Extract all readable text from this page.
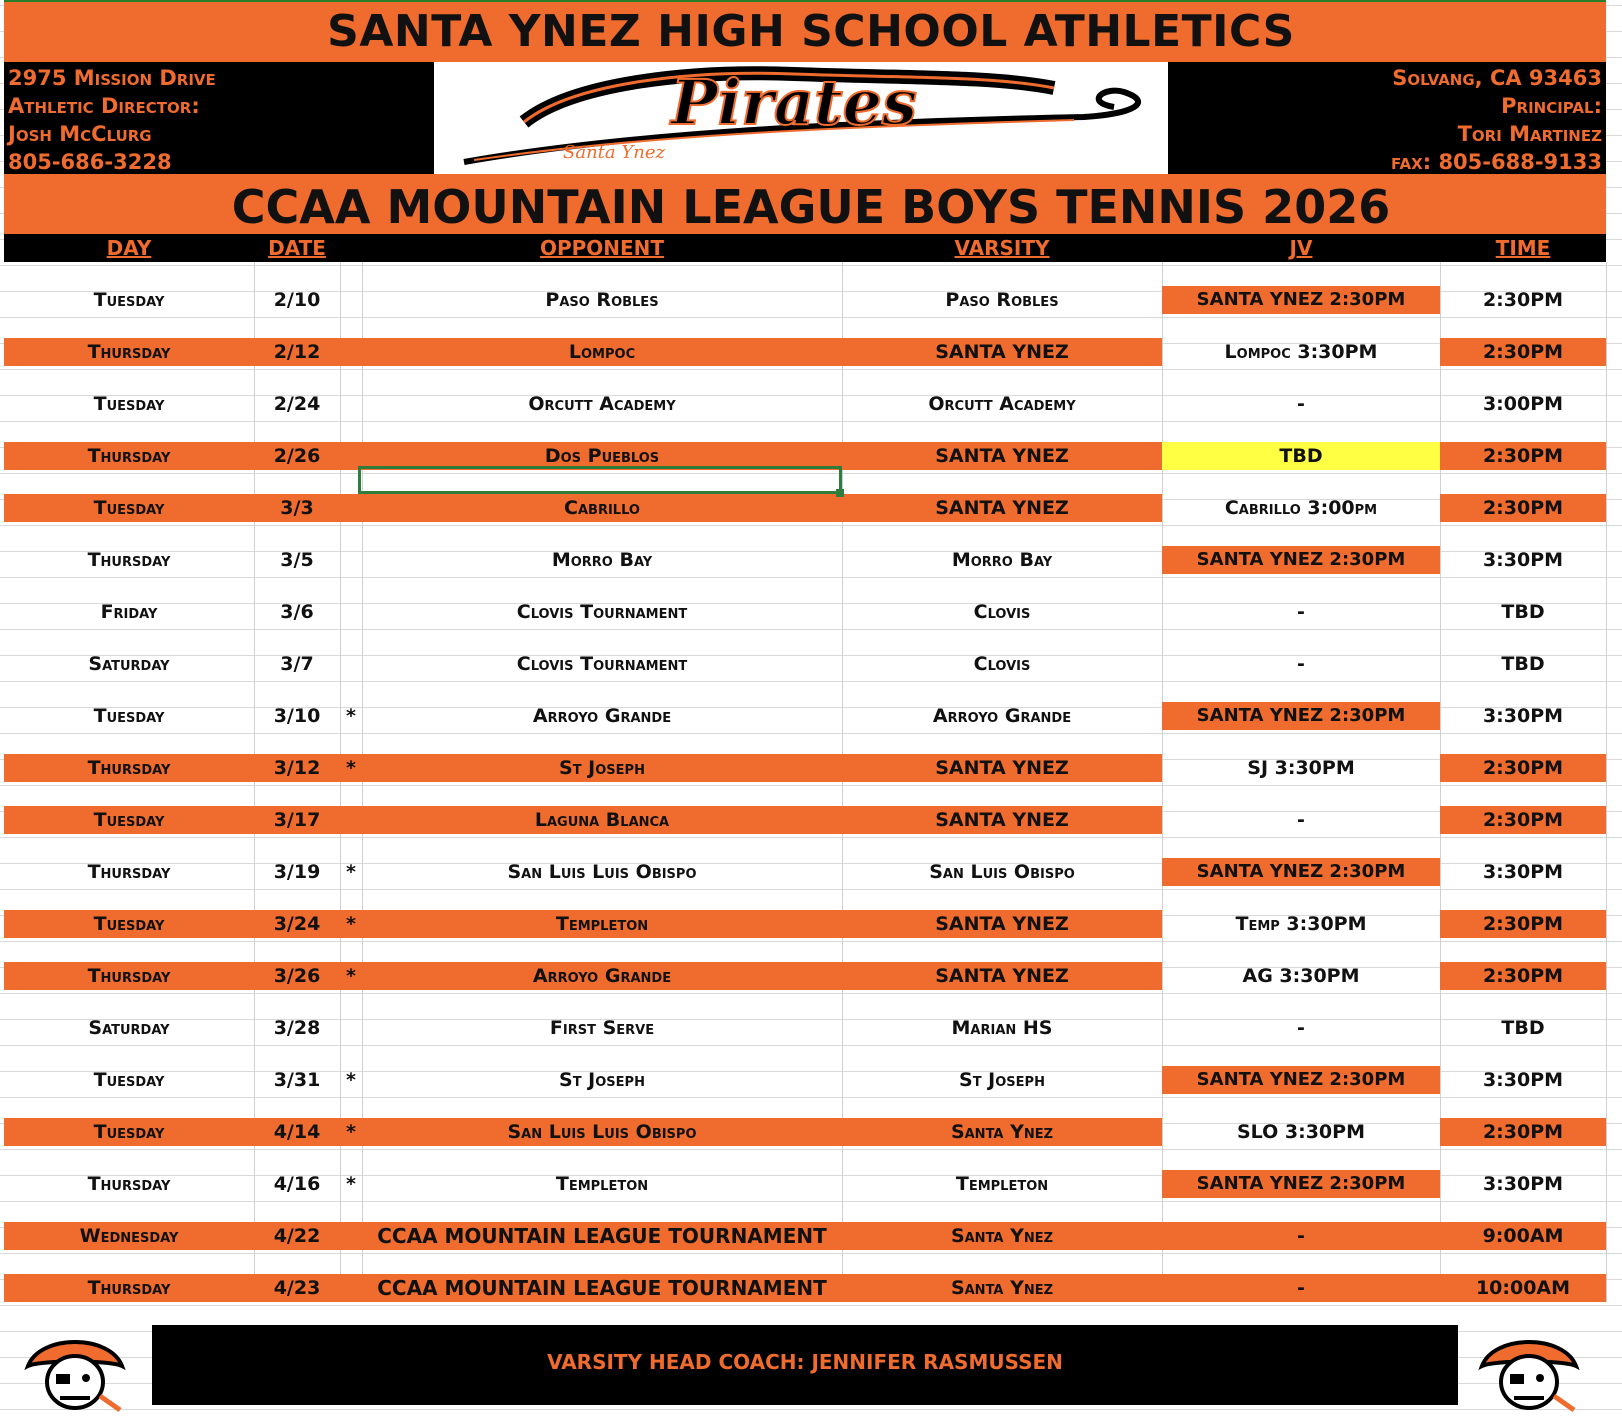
SANTA YNEZ HIGH SCHOOL ATHLETICS
2975 Mission Drive
Athletic Director:
Josh McClurg
805-686-3228
Solvang, CA 93463
Principal:
Tori Martinez
fax: 805-688-9133
Pirates
Santa Ynez
CCAA MOUNTAIN LEAGUE BOYS TENNIS 2026
DAY	DATE	OPPONENT	VARSITY	JV	TIME
Tuesday	2/10	Paso Robles	Paso Robles	SANTA YNEZ 2:30PM	2:30PM
Thursday	2/12	Lompoc	SANTA YNEZ	Lompoc 3:30PM	2:30PM
Tuesday	2/24	Orcutt Academy	Orcutt Academy	-	3:00PM
Thursday	2/26	Dos Pueblos	SANTA YNEZ	TBD	2:30PM
Tuesday	3/3	Cabrillo	SANTA YNEZ	Cabrillo 3:00pm	2:30PM
Thursday	3/5	Morro Bay	Morro Bay	SANTA YNEZ 2:30PM	3:30PM
Friday	3/6	Clovis Tournament	Clovis	-	TBD
Saturday	3/7	Clovis Tournament	Clovis	-	TBD
Tuesday	3/10	*	Arroyo Grande	Arroyo Grande	SANTA YNEZ 2:30PM	3:30PM
Thursday	3/12	*	St Joseph	SANTA YNEZ	SJ 3:30PM	2:30PM
Tuesday	3/17	Laguna Blanca	SANTA YNEZ	-	2:30PM
Thursday	3/19	*	San Luis Luis Obispo	San Luis Obispo	SANTA YNEZ 2:30PM	3:30PM
Tuesday	3/24	*	Templeton	SANTA YNEZ	Temp 3:30PM	2:30PM
Thursday	3/26	*	Arroyo Grande	SANTA YNEZ	AG 3:30PM	2:30PM
Saturday	3/28	First Serve	Marian HS	-	TBD
Tuesday	3/31	*	St Joseph	St Joseph	SANTA YNEZ 2:30PM	3:30PM
Tuesday	4/14	*	San Luis Luis Obispo	Santa Ynez	SLO 3:30PM	2:30PM
Thursday	4/16	*	Templeton	Templeton	SANTA YNEZ 2:30PM	3:30PM
Wednesday	4/22	CCAA MOUNTAIN LEAGUE TOURNAMENT	Santa Ynez	-	9:00AM
Thursday	4/23	CCAA MOUNTAIN LEAGUE TOURNAMENT	Santa Ynez	-	10:00AM
VARSITY HEAD COACH: JENNIFER RASMUSSEN
